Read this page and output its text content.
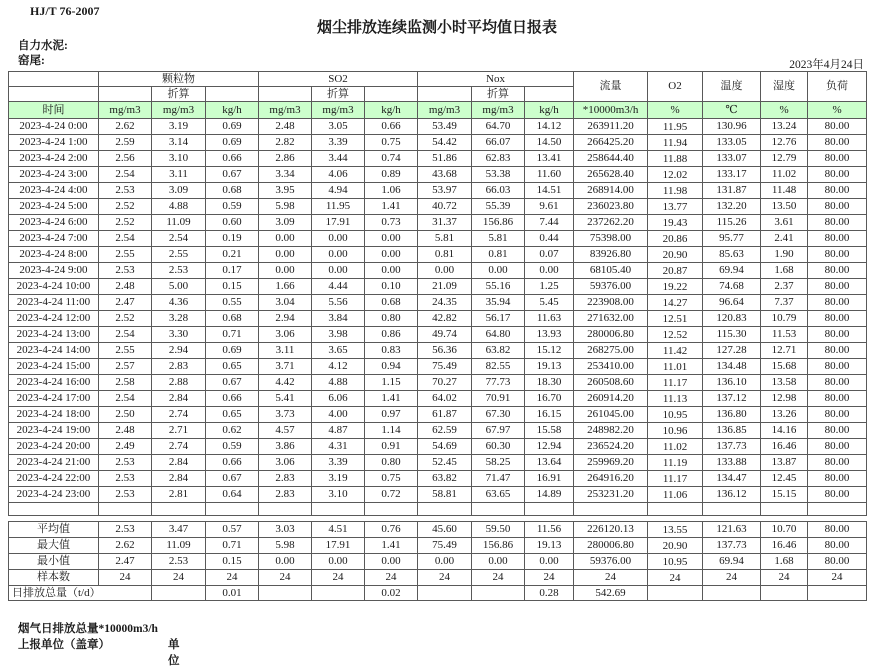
HJ/T 76-2007
烟尘排放连续监测小时平均值日报表
自力水泥:
窑尾:	2023年4月24日
	颗粒物			SO2			Nox			流量	O2	温度	湿度	负荷
		折算			折算			折算						
时间	mg/m3	mg/m3	kg/h	mg/m3	mg/m3	kg/h	mg/m3	mg/m3	kg/h	*10000m3/h	%	℃	%	%
2023-4-24 0:00	2.62	3.19	0.69	2.48	3.05	0.66	53.49	64.70	14.12	263911.20	11.95	130.96	13.24	80.00
2023-4-24 1:00	2.59	3.14	0.69	2.82	3.39	0.75	54.42	66.07	14.50	266425.20	11.94	133.05	12.76	80.00
2023-4-24 2:00	2.56	3.10	0.66	2.86	3.44	0.74	51.86	62.83	13.41	258644.40	11.88	133.07	12.79	80.00
2023-4-24 3:00	2.54	3.11	0.67	3.34	4.06	0.89	43.68	53.38	11.60	265628.40	12.02	133.17	11.02	80.00
2023-4-24 4:00	2.53	3.09	0.68	3.95	4.94	1.06	53.97	66.03	14.51	268914.00	11.98	131.87	11.48	80.00
2023-4-24 5:00	2.52	4.88	0.59	5.98	11.95	1.41	40.72	55.39	9.61	236023.80	13.77	132.20	13.50	80.00
2023-4-24 6:00	2.52	11.09	0.60	3.09	17.91	0.73	31.37	156.86	7.44	237262.20	19.43	115.26	3.61	80.00
2023-4-24 7:00	2.54	2.54	0.19	0.00	0.00	0.00	5.81	5.81	0.44	75398.00	20.86	95.77	2.41	80.00
2023-4-24 8:00	2.55	2.55	0.21	0.00	0.00	0.00	0.81	0.81	0.07	83926.80	20.90	85.63	1.90	80.00
2023-4-24 9:00	2.53	2.53	0.17	0.00	0.00	0.00	0.00	0.00	0.00	68105.40	20.87	69.94	1.68	80.00
2023-4-24 10:00	2.48	5.00	0.15	1.66	4.44	0.10	21.09	55.16	1.25	59376.00	19.22	74.68	2.37	80.00
2023-4-24 11:00	2.47	4.36	0.55	3.04	5.56	0.68	24.35	35.94	5.45	223908.00	14.27	96.64	7.37	80.00
2023-4-24 12:00	2.52	3.28	0.68	2.94	3.84	0.80	42.82	56.17	11.63	271632.00	12.51	120.83	10.79	80.00
2023-4-24 13:00	2.54	3.30	0.71	3.06	3.98	0.86	49.74	64.80	13.93	280006.80	12.52	115.30	11.53	80.00
2023-4-24 14:00	2.55	2.94	0.69	3.11	3.65	0.83	56.36	63.82	15.12	268275.00	11.42	127.28	12.71	80.00
2023-4-24 15:00	2.57	2.83	0.65	3.71	4.12	0.94	75.49	82.55	19.13	253410.00	11.01	134.48	15.68	80.00
2023-4-24 16:00	2.58	2.88	0.67	4.42	4.88	1.15	70.27	77.73	18.30	260508.60	11.17	136.10	13.58	80.00
2023-4-24 17:00	2.54	2.84	0.66	5.41	6.06	1.41	64.02	70.91	16.70	260914.20	11.13	137.12	12.98	80.00
2023-4-24 18:00	2.50	2.74	0.65	3.73	4.00	0.97	61.87	67.30	16.15	261045.00	10.95	136.80	13.26	80.00
2023-4-24 19:00	2.48	2.71	0.62	4.57	4.87	1.14	62.59	67.97	15.58	248982.20	10.96	136.85	14.16	80.00
2023-4-24 20:00	2.49	2.74	0.59	3.86	4.31	0.91	54.69	60.30	12.94	236524.20	11.02	137.73	16.46	80.00
2023-4-24 21:00	2.53	2.84	0.66	3.06	3.39	0.80	52.45	58.25	13.64	259969.20	11.19	133.88	13.87	80.00
2023-4-24 22:00	2.53	2.84	0.67	2.83	3.19	0.75	63.82	71.47	16.91	264916.20	11.17	134.47	12.45	80.00
2023-4-24 23:00	2.53	2.81	0.64	2.83	3.10	0.72	58.81	63.65	14.89	253231.20	11.06	136.12	15.15	80.00

平均值	2.53	3.47	0.57	3.03	4.51	0.76	45.60	59.50	11.56	226120.13	13.55	121.63	10.70	80.00
最大值	2.62	11.09	0.71	5.98	17.91	1.41	75.49	156.86	19.13	280006.80	20.90	137.73	16.46	80.00
最小值	2.47	2.53	0.15	0.00	0.00	0.00	0.00	0.00	0.00	59376.00	10.95	69.94	1.68	80.00
样本数	24	24	24	24	24	24	24	24	24	24	24	24	24	24
日排放总量（t/d）			0.01			0.02			0.28	542.69				
烟气日排放总量*10000m3/h
上报单位（盖章）	单位
